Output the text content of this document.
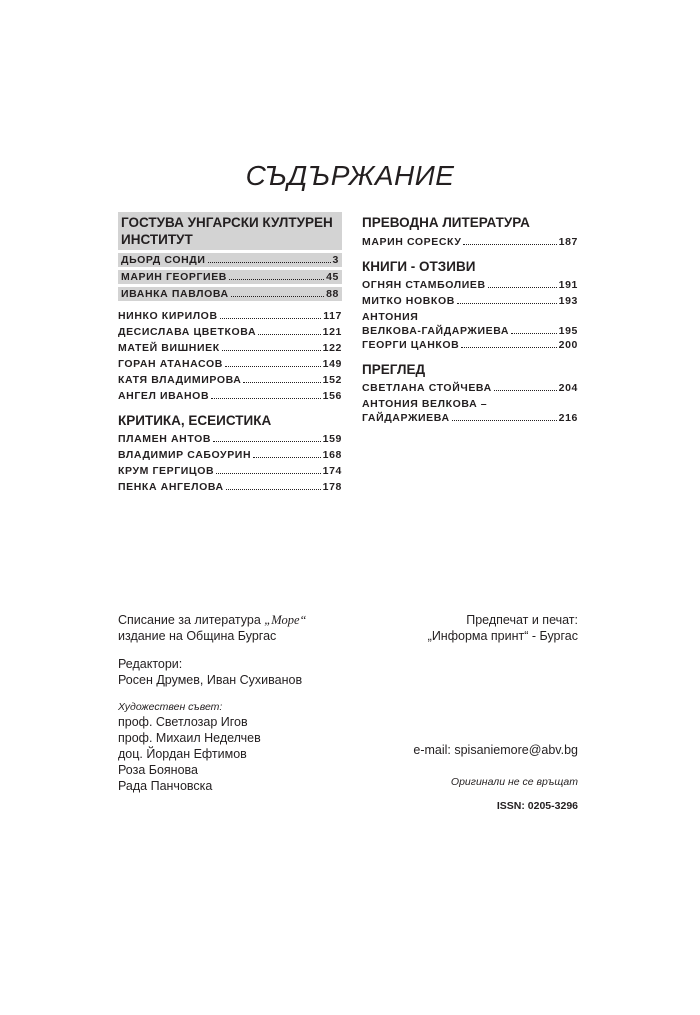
СЪДЪРЖАНИЕ
ГОСТУВА УНГАРСКИ КУЛТУРЕН ИНСТИТУТ
ДЬОРД СОНДИ	3
МАРИН ГЕОРГИЕВ	45
ИВАНКА ПАВЛОВА	88
НИНКО КИРИЛОВ	117
ДЕСИСЛАВА ЦВЕТКОВА	121
МАТЕЙ ВИШНИЕК	122
ГОРАН АТАНАСОВ	149
КАТЯ ВЛАДИМИРОВА	152
АНГЕЛ ИВАНОВ	156
КРИТИКА, ЕСЕИСТИКА
ПЛАМЕН АНТОВ	159
ВЛАДИМИР САБОУРИН	168
КРУМ ГЕРГИЦОВ	174
ПЕНКА АНГЕЛОВА	178
ПРЕВОДНА ЛИТЕРАТУРА
МАРИН СОРЕСКУ	187
КНИГИ - ОТЗИВИ
ОГНЯН СТАМБОЛИЕВ	191
МИТКО НОВКОВ	193
АНТОНИЯ
ВЕЛКОВА-ГАЙДАРЖИЕВА	195
ГЕОРГИ ЦАНКОВ	200
ПРЕГЛЕД
СВЕТЛАНА СТОЙЧЕВА	204
АНТОНИЯ ВЕЛКОВА –
ГАЙДАРЖИЕВА	216
Списание за литература „Море“
издание на Община Бургас
Редактори:
Росен Друмев, Иван Сухиванов
Художествен съвет:
проф. Светлозар Игов
проф. Михаил Неделчев
доц. Йордан Ефтимов
Роза Боянова
Рада Панчовска
Предпечат и печат:
„Информа принт“ - Бургас
e-mail: spisaniemore@abv.bg
Оригинали не се връщат
ISSN: 0205-3296
